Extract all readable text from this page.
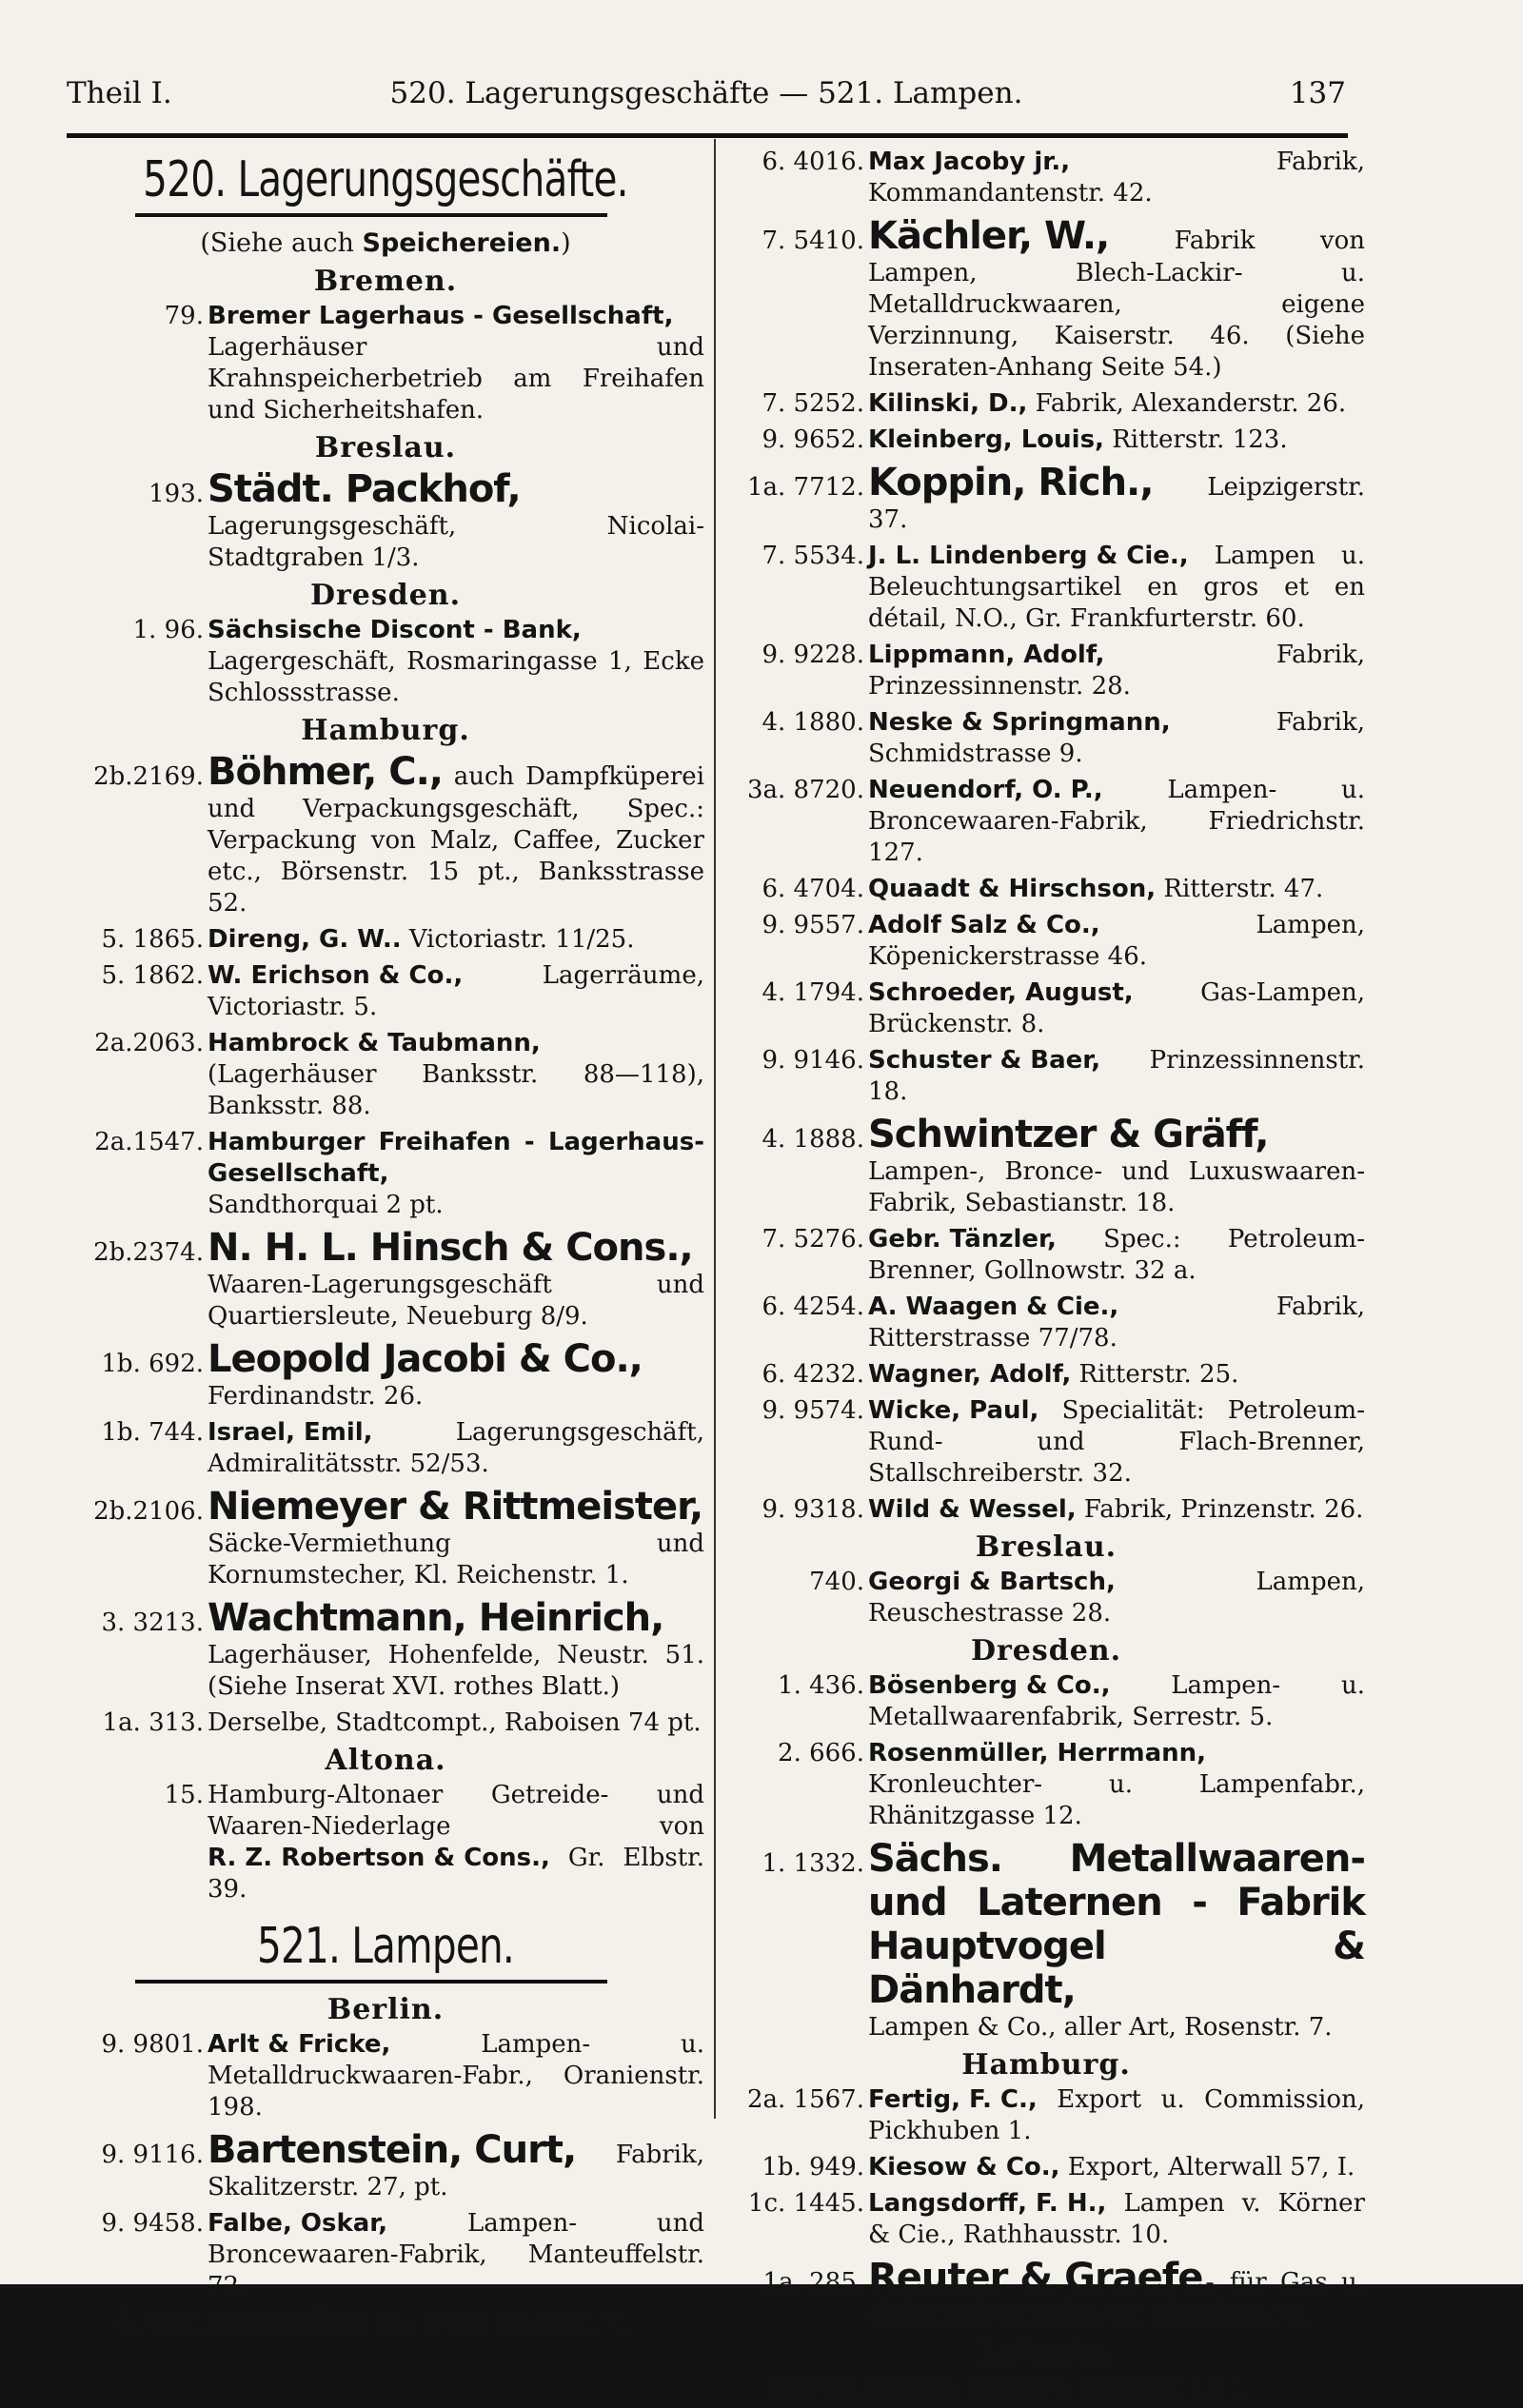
Theil I.	520. Lagerungsgeschäfte — 521. Lampen.	137
520. Lagerungsgeschäfte.
(Siehe auch Speichereien.)
Bremen.
79. Bremer Lagerhaus - Gesellschaft, Lagerhäuser und Krahnspeicherbetrieb am Freihafen und Sicherheitshafen.
Breslau.
193. Städt. Packhof, Lagerungsgeschäft, Nicolai-Stadtgraben 1/3.
Dresden.
1. 96. Sächsische Discont - Bank, Lagergeschäft, Rosmaringasse 1, Ecke Schlossstrasse.
Hamburg.
2b.2169. Böhmer, C., auch Dampfküperei und Verpackungsgeschäft, Spec.: Verpackung von Malz, Caffee, Zucker etc., Börsenstr. 15 pt., Banksstrasse 52.
5. 1865. Direng, G. W.. Victoriastr. 11/25.
5. 1862. W. Erichson & Co.,	Lagerräume, Victoriastr. 5.
2a.2063. Hambrock & Taubmann, (Lagerhäuser Banksstr. 88—118), Banksstr. 88.
2a.1547. Hamburger Freihafen - Lagerhaus-Gesellschaft, Sandthorquai 2 pt.
2b.2374. N. H. L. Hinsch & Cons., Waaren-Lagerungsgeschäft und Quartiersleute, Neueburg 8/9.
1b. 692. Leopold Jacobi & Co., Ferdinandstr. 26.
1b. 744. Israel, Emil,	Lagerungsgeschäft, Admiralitätsstr. 52/53.
2b.2106. Niemeyer & Rittmeister, Säcke-Vermiethung und Kornumstecher, Kl. Reichenstr. 1.
3. 3213. Wachtmann, Heinrich, Lagerhäuser, Hohenfelde, Neustr. 51. (Siehe Inserat XVI. rothes Blatt.)
1a. 313. Derselbe, Stadtcompt., Raboisen 74 pt.
Altona.
15. Hamburg-Altonaer Getreide- und Waaren-Niederlage von R. Z. Robertson & Cons., Gr. Elbstr. 39.
521. Lampen.
Berlin.
9. 9801. Arlt & Fricke,	Lampen- u. Metalldruckwaaren-Fabr., Oranienstr. 198.
9. 9116. Bartenstein, Curt, Fabrik, Skalitzerstr. 27, pt.
9. 9458. Falbe, Oskar,	Lampen- und Broncewaaren-Fabrik, Manteuffelstr. 72.
4. 827. Gutmacher, N., Neue Rossstr. 7.
6. 4016. Max Jacoby jr.,	Fabrik, Kommandantenstr. 42.
7. 5410. Kächler, W.,	Fabrik von Lampen, Blech-Lackir- u. Metalldruckwaaren, eigene Verzinnung, Kaiserstr. 46. (Siehe Inseraten-Anhang Seite 54.)
7. 5252. Kilinski, D., Fabrik, Alexanderstr. 26.
9. 9652. Kleinberg, Louis, Ritterstr. 123.
1a. 7712. Koppin, Rich., Leipzigerstr. 37.
7. 5534. J. L. Lindenberg & Cie., Lampen u. Beleuchtungsartikel en gros et en détail, N.O., Gr. Frankfurterstr. 60.
9. 9228. Lippmann, Adolf,	Fabrik, Prinzessinnenstr. 28.
4. 1880. Neske & Springmann,	Fabrik, Schmidstrasse 9.
3a. 8720. Neuendorf, O. P.,	Lampen- u. Broncewaaren-Fabrik, Friedrichstr. 127.
6. 4704. Quaadt & Hirschson, Ritterstr. 47.
9. 9557. Adolf Salz & Co.,	Lampen, Köpenickerstrasse 46.
4. 1794. Schroeder, August,	Gas-Lampen, Brückenstr. 8.
9. 9146. Schuster & Baer, Prinzessinnenstr. 18.
4. 1888. Schwintzer & Gräff, Lampen-, Bronce- und Luxuswaaren-Fabrik, Sebastianstr. 18.
7. 5276. Gebr. Tänzler, Spec.: Petroleum-Brenner, Gollnowstr. 32 a.
6. 4254. A. Waagen & Cie.,	Fabrik, Ritterstrasse 77/78.
6. 4232. Wagner, Adolf, Ritterstr. 25.
9. 9574. Wicke, Paul, Specialität: Petroleum-Rund- und Flach-Brenner, Stallschreiberstr. 32.
9. 9318. Wild & Wessel, Fabrik, Prinzenstr. 26.
Breslau.
740. Georgi & Bartsch,	Lampen, Reuschestrasse 28.
Dresden.
1. 436. Bösenberg & Co., Lampen- u. Metallwaarenfabrik, Serrestr. 5.
2. 666. Rosenmüller, Herrmann, Kronleuchter- u. Lampenfabr., Rhänitzgasse 12.
1. 1332. Sächs. Metallwaaren- und Laternen - Fabrik Hauptvogel & Dänhardt, Lampen & Co., aller Art, Rosenstr. 7.
Hamburg.
2a. 1567. Fertig, F. C., Export u. Commission, Pickhuben 1.
1b. 949. Kiesow & Co., Export, Alterwall 57, I.
1c. 1445. Langsdorff, F. H., Lampen v. Körner & Cie., Rathhausstr. 10.
1a. 285. Reuter & Graefe, für Gas u. elektrisches Licht, Gr. Bleichen 30.
Leipzig.
angem. Jacobi, Robert, Burgstr. 10 I.
